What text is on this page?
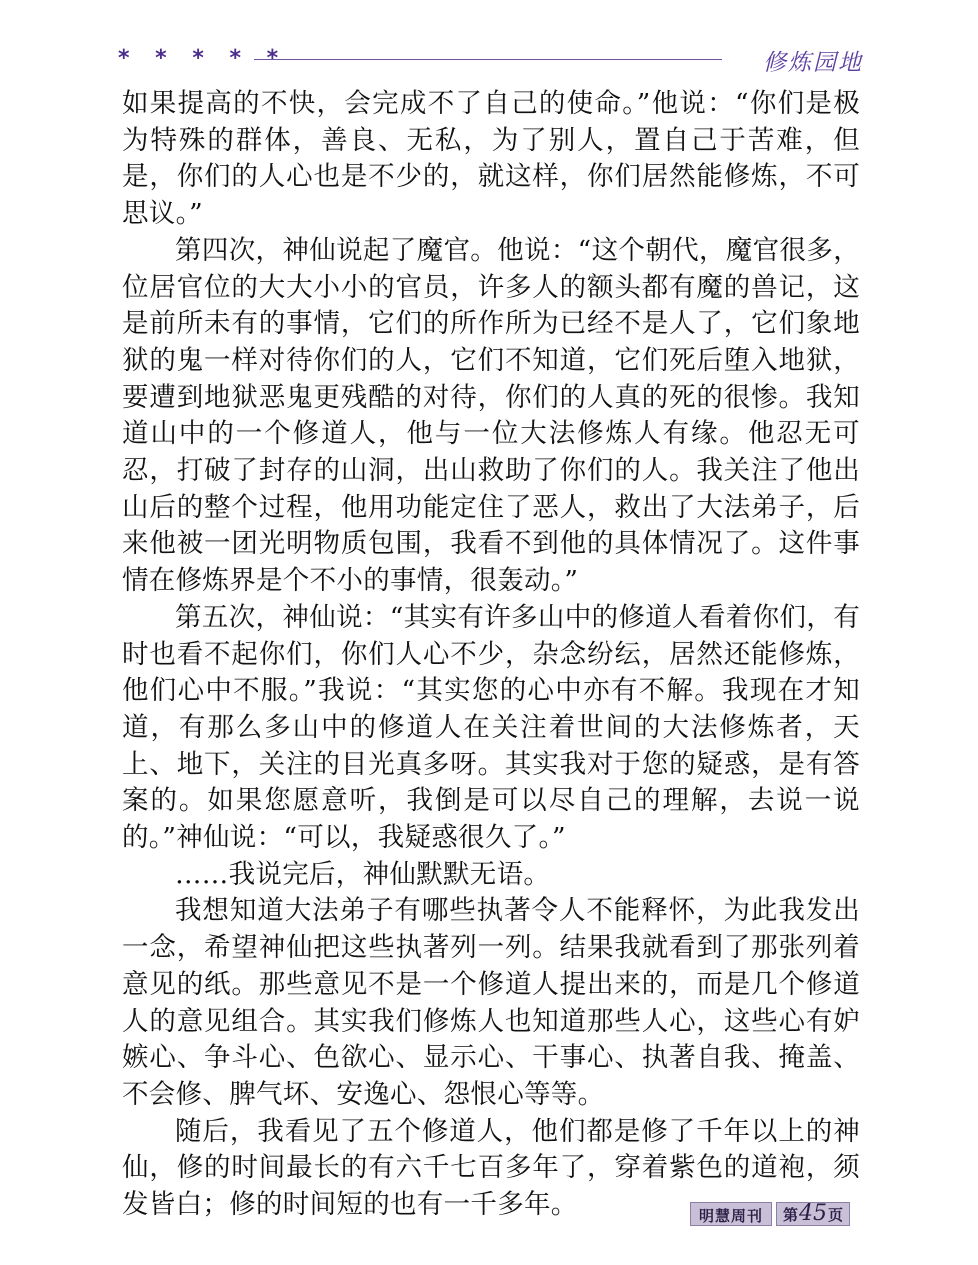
* * * * *	修炼园地

如果提高的不快，会完成不了自己的使命。”他说：“你们是极为特殊的群体，善良、无私，为了别人，置自己于苦难，但是，你们的人心也是不少的，就这样，你们居然能修炼，不可思议。”

第四次，神仙说起了魔官。他说：“这个朝代，魔官很多，位居官位的大大小小的官员，许多人的额头都有魔的兽记，这是前所未有的事情，它们的所作所为已经不是人了，它们象地狱的鬼一样对待你们的人，它们不知道，它们死后堕入地狱，要遭到地狱恶鬼更残酷的对待，你们的人真的死的很惨。我知道山中的一个修道人，他与一位大法修炼人有缘。他忍无可忍，打破了封存的山洞，出山救助了你们的人。我关注了他出山后的整个过程，他用功能定住了恶人，救出了大法弟子，后来他被一团光明物质包围，我看不到他的具体情况了。这件事情在修炼界是个不小的事情，很轰动。”

第五次，神仙说：“其实有许多山中的修道人看着你们，有时也看不起你们，你们人心不少，杂念纷纭，居然还能修炼，他们心中不服。”我说：“其实您的心中亦有不解。我现在才知道，有那么多山中的修道人在关注着世间的大法修炼者，天上、地下，关注的目光真多呀。其实我对于您的疑惑，是有答案的。如果您愿意听，我倒是可以尽自己的理解，去说一说的。”神仙说：“可以，我疑惑很久了。”

……我说完后，神仙默默无语。

我想知道大法弟子有哪些执著令人不能释怀，为此我发出一念，希望神仙把这些执著列一列。结果我就看到了那张列着意见的纸。那些意见不是一个修道人提出来的，而是几个修道人的意见组合。其实我们修炼人也知道那些人心，这些心有妒嫉心、争斗心、色欲心、显示心、干事心、执著自我、掩盖、不会修、脾气坏、安逸心、怨恨心等等。

随后，我看见了五个修道人，他们都是修了千年以上的神仙，修的时间最长的有六千七百多年了，穿着紫色的道袍，须发皆白；修的时间短的也有一千多年。	明慧周刊	第 45 页
